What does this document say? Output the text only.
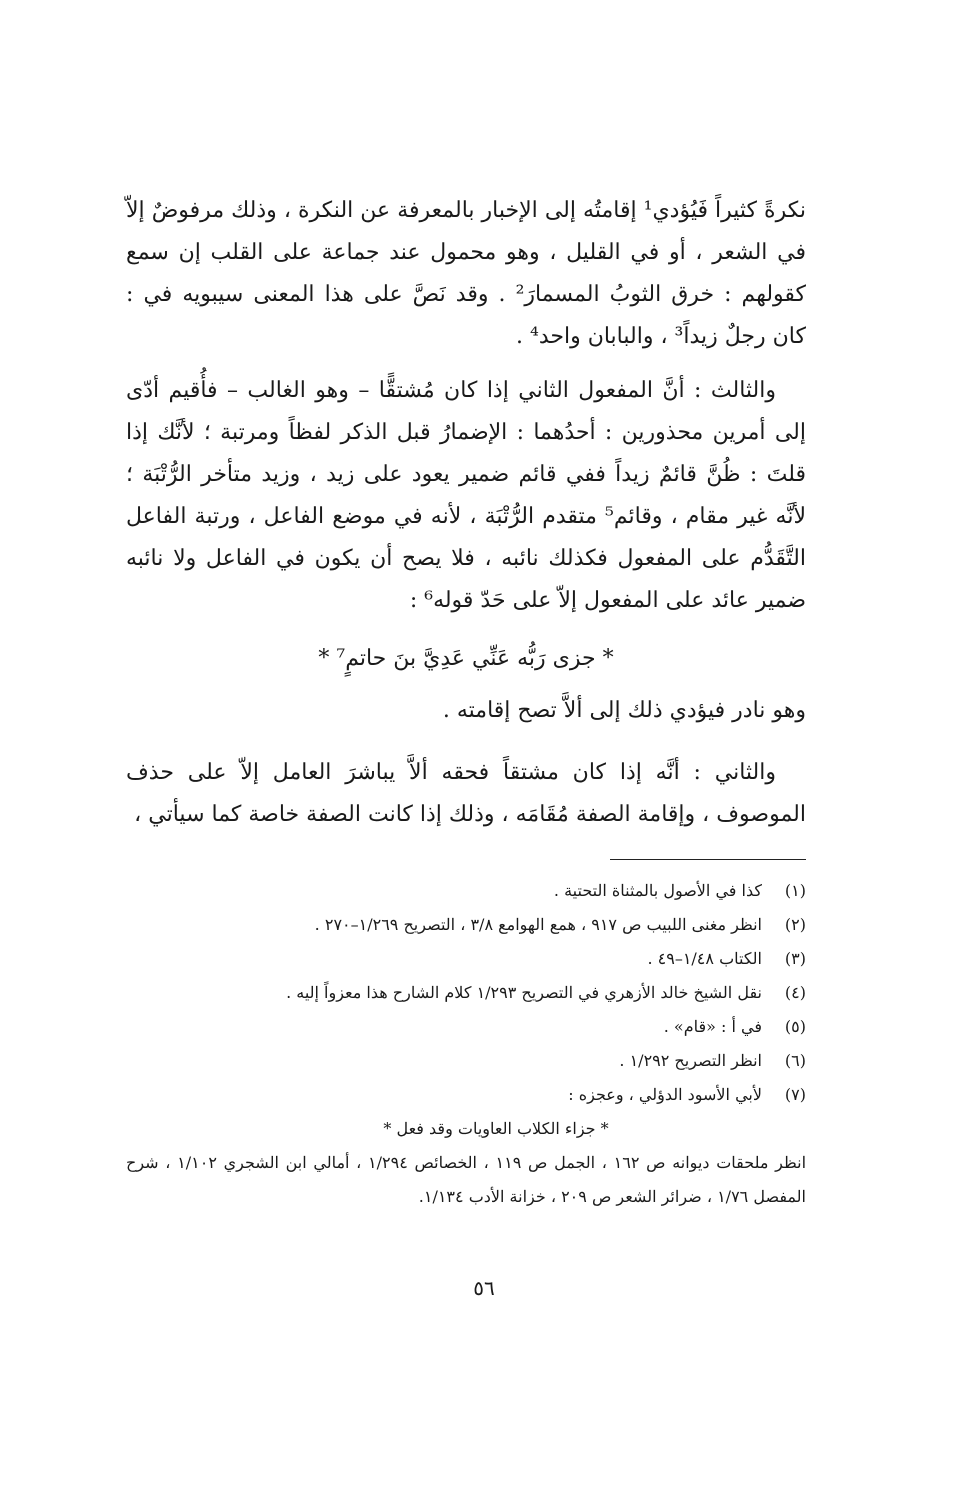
نكرةً كثيراً فَيُؤدي¹ إقامتُه إلى الإخبار بالمعرفة عن النكرة ، وذلك مرفوضٌ إلاّ في الشعر ، أو في القليل ، وهو محمول عند جماعة على القلب إن سمع كقولهم : خرق الثوبُ المسمارَ² . وقد نَصَّ على هذا المعنى سيبويه في : كان رجلٌ زيداً³ ، والبابان واحد⁴ .

والثالث : أنَّ المفعول الثاني إذا كان مُشتقًّا – وهو الغالب – فأُقيم أدّى إلى أمرين محذورين : أحدُهما : الإضمارُ قبل الذكر لفظاً ومرتبة ؛ لأنَّك إذا قلتَ : ظُنَّ قائمٌ زيداً ففي قائم ضمير يعود على زيد ، وزيد متأخر الرُّتْبَة ؛ لأنَّه غير مقام ، وقائم⁵ متقدم الرُّتْبَة ، لأنه في موضع الفاعل ، ورتبة الفاعل التَّقَدُّم على المفعول فكذلك نائبه ، فلا يصح أن يكون في الفاعل ولا نائبه ضمير عائد على المفعول إلاّ على حَدّ قوله⁶ :

* جزى رَبُّه عَنِّي عَدِيَّ بنَ حاتمٍ⁷ *

وهو نادر فيؤدي ذلك إلى ألاَّ تصح إقامته .

والثاني : أنَّه إذا كان مشتقاً فحقه ألاَّ يباشرَ العامل إلاّ على حذف الموصوف ، وإقامة الصفة مُقَامَه ، وذلك إذا كانت الصفة خاصة كما سيأتي ،

(١)
كذا في الأصول بالمثناة التحتية .
(٢)
انظر مغنى اللبيب ص ٩١٧ ، همع الهوامع ٣/٨ ، التصريح ١/٢٦٩–٢٧٠ .
(٣)
الكتاب ١/٤٨–٤٩ .
(٤)
نقل الشيخ خالد الأزهري في التصريح ١/٢٩٣ كلام الشارح هذا معزواً إليه .
(٥)
في أ : «قام» .
(٦)
انظر التصريح ١/٢٩٢ .
(٧)
لأبي الأسود الدؤلي ، وعجزه :
* جزاء الكلاب العاويات وقد فعل *
انظر ملحقات ديوانه ص ١٦٢ ، الجمل ص ١١٩ ، الخصائص ١/٢٩٤ ، أمالي ابن الشجري ١/١٠٢ ، شرح المفصل ١/٧٦ ، ضرائر الشعر ص ٢٠٩ ، خزانة الأدب ١/١٣٤.
٥٦
